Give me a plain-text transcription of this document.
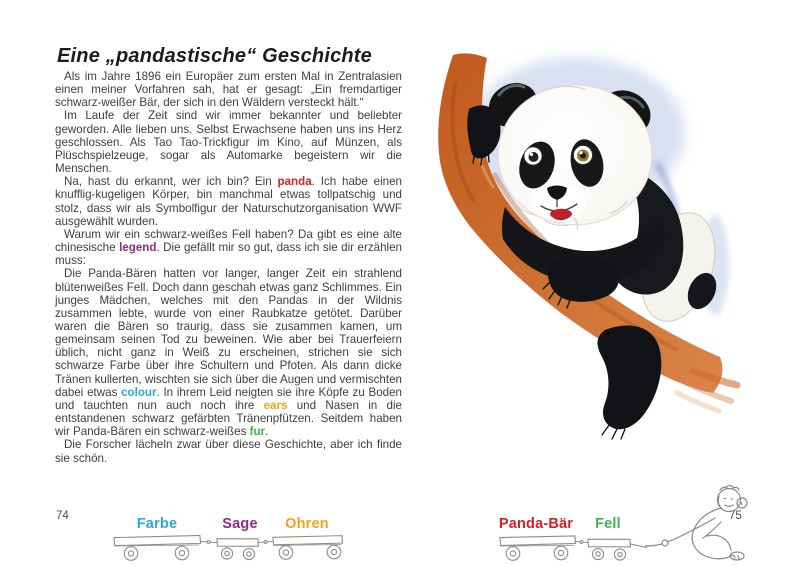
Eine „pandastische“ Geschichte

Als im Jahre 1896 ein Europäer zum ersten Mal in Zentralasien einen meiner Vorfahren sah, hat er gesagt: „Ein fremdartiger schwarz-weißer Bär, der sich in den Wäldern versteckt hält.“

Im Laufe der Zeit sind wir immer bekannter und beliebter geworden. Alle lieben uns. Selbst Erwachsene haben uns ins Herz geschlossen. Als Tao Tao-Trickfigur im Kino, auf Münzen, als Plüschspielzeuge, sogar als Automarke begeistern wir die Menschen.

Na, hast du erkannt, wer ich bin? Ein panda. Ich habe einen knufflig-kugeligen Körper, bin manchmal etwas tollpatschig und stolz, dass wir als Symbolfigur der Naturschutzorganisation WWF ausgewählt wurden.

Warum wir ein schwarz-weißes Fell haben? Da gibt es eine alte chinesische legend. Die gefällt mir so gut, dass ich sie dir erzählen muss:

Die Panda-Bären hatten vor langer, langer Zeit ein strahlend blütenweißes Fell. Doch dann geschah etwas ganz Schlimmes. Ein junges Mädchen, welches mit den Pandas in der Wildnis zusammen lebte, wurde von einer Raubkatze getötet. Darüber waren die Bären so traurig, dass sie zusammen kamen, um gemeinsam seinen Tod zu beweinen. Wie aber bei Trauerfeiern üblich, nicht ganz in Weiß zu erscheinen, strichen sie sich schwarze Farbe über ihre Schultern und Pfoten. Als dann dicke Tränen kullerten, wischten sie sich über die Augen und vermischten dabei etwas colour. In ihrem Leid neigten sie ihre Köpfe zu Boden und tauchten nun auch noch ihre ears und Nasen in die entstandenen schwarz gefärbten Tränenpfützen. Seitdem haben wir Panda-Bären ein schwarz-weißes fur.

Die Forscher lächeln zwar über diese Geschichte, aber ich finde sie schön.

74	Farbe	Sage	Ohren	75
Panda-Bär	Fell
